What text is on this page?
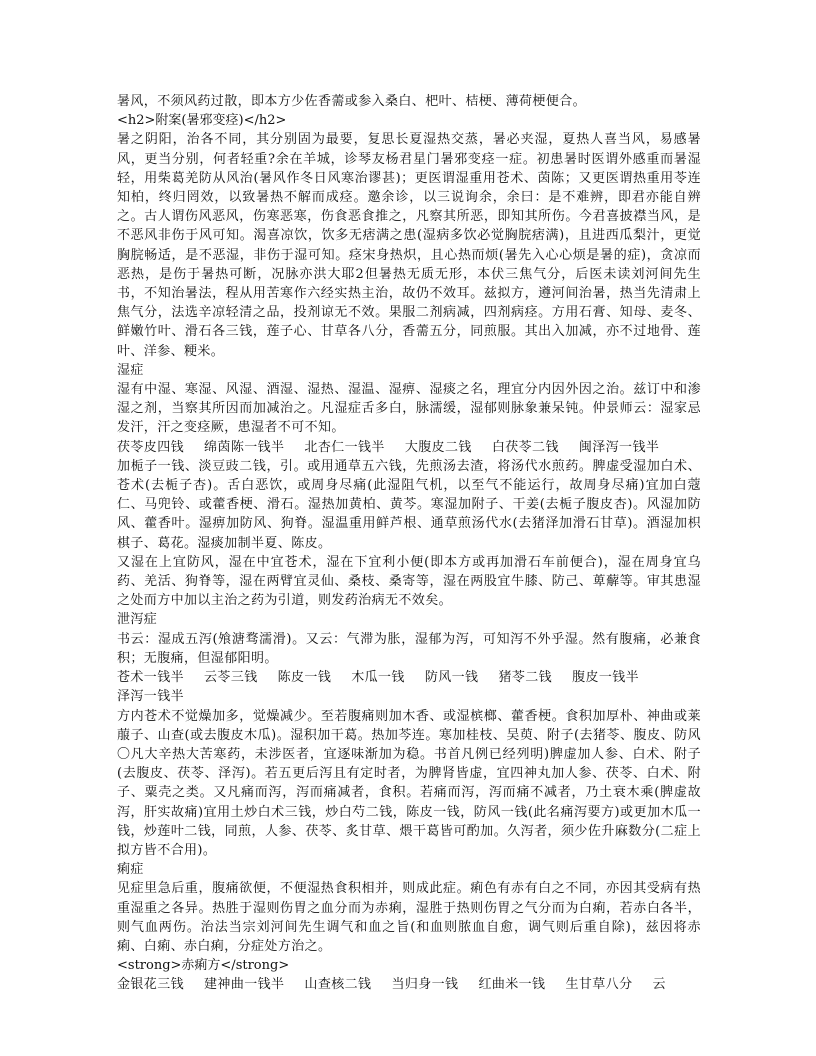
暑风，不须风药过散，即本方少佐香薷或参入桑白、杷叶、桔梗、薄荷梗便合。

<h2>附案(暑邪变痉)</h2>

暑之阴阳，治各不同，其分别固为最要，复思长夏湿热交蒸，暑必夹湿，夏热人喜当风，易感暑风，更当分别，何者轻重?余在羊城，诊琴友杨君星门暑邪变痉一症。初患暑时医谓外感重而暑湿轻，用柴葛羌防从风治(暑风作冬日风寒治谬甚)；更医谓湿重用苍术、茵陈；又更医谓热重用苓连知柏，终归罔效，以致暑热不解而成痉。邀余诊，以三说询余，余曰：是不难辨，即君亦能自辨之。古人谓伤风恶风，伤寒恶寒，伤食恶食推之，凡察其所恶，即知其所伤。今君喜披襟当风，是不恶风非伤于风可知。渴喜凉饮，饮多无痞满之患(湿病多饮必觉胸脘痞满)，且进西瓜梨汁，更觉胸脘畅适，是不恶湿，非伤于湿可知。痉宋身热炽，且心热而烦(暑先入心心烦是暑的症)，贪凉而恶热，是伤于暑热可断，况脉亦洪大耶2但暑热无质无形，本伏三焦气分，后医未读刘河间先生书，不知治暑法，程从用苦寒作六经实热主治，故仍不效耳。兹拟方，遵河间治暑，热当先清肃上焦气分，法选辛凉轻清之品，投剂谅无不效。果服二剂病减，四剂病痉。方用石膏、知母、麦冬、鲜嫩竹叶、滑石各三钱，莲子心、甘草各八分，香薷五分，同煎服。其出入加减，亦不过地骨、莲叶、洋参、粳米。

湿症

湿有中湿、寒湿、风湿、酒湿、湿热、湿温、湿痹、湿痰之名，理宜分内因外因之治。兹订中和渗湿之剂，当察其所因而加减治之。凡湿症舌多白，脉濡缓，湿郁则脉象兼呆钝。仲景师云：湿家忌发汗，汗之变痉厥，患湿者不可不知。

茯苓皮四钱 绵茵陈一钱半 北杏仁一钱半 大腹皮二钱 白茯苓二钱 闽泽泻一钱半

加栀子一钱、淡豆豉二钱，引。或用通草五六钱，先煎汤去渣，将汤代水煎药。脾虚受湿加白术、苍术(去栀子杏)。舌白恶饮，或周身尽痛(此湿阻气机，以至气不能运行，故周身尽痛)宜加白蔻仁、马兜铃、或藿香梗、滑石。湿热加黄柏、黄芩。寒湿加附子、干姜(去栀子腹皮杏)。风湿加防风、藿香叶。湿痹加防风、狗脊。湿温重用鲜芦根、通草煎汤代水(去猪泽加滑石甘草)。酒湿加枳棋子、葛花。湿痰加制半夏、陈皮。

又湿在上宜防风，湿在中宜苍术，湿在下宜利小便(即本方或再加滑石车前便合)，湿在周身宜乌药、羌活、狗脊等，湿在两臂宜灵仙、桑枝、桑寄等，湿在两股宜牛膝、防己、萆薢等。审其患湿之处而方中加以主治之药为引道，则发药治病无不效矣。

泄泻症

书云：湿成五泻(飧溏骛濡滑)。又云：气滞为胀，湿郁为泻，可知泻不外乎湿。然有腹痛，必兼食积；无腹痛，但湿郁阳明。

苍术一钱半 云苓三钱 陈皮一钱 木瓜一钱 防风一钱 猪苓二钱 腹皮一钱半
泽泻一钱半

方内苍术不觉燥加多，觉燥减少。至若腹痛则加木香、或湿槟榔、藿香梗。食积加厚朴、神曲或莱菔子、山查(或去腹皮木瓜)。湿积加干葛。热加芩连。寒加桂枝、吴萸、附子(去猪苓、腹皮、防风〇凡大辛热大苦寒药，未涉医者，宜逐味渐加为稳。书首凡例已经列明)脾虚加人参、白术、附子(去腹皮、茯苓、泽泻)。若五更后泻且有定时者，为脾肾皆虚，宜四神丸加人参、茯苓、白术、附子、粟壳之类。又凡痛而泻，泻而痛减者，食积。若痛而泻，泻而痛不减者，乃土衰木乘(脾虚故泻，肝实故痛)宜用土炒白术三钱，炒白芍二钱，陈皮一钱，防风一钱(此名痛泻要方)或更加木瓜一钱，炒莲叶二钱，同煎，人参、茯苓、炙甘草、煨干葛皆可酌加。久泻者，须少佐升麻数分(二症上拟方皆不合用)。

痢症

见症里急后重，腹痛欲便，不便湿热食积相并，则成此症。痢色有赤有白之不同，亦因其受病有热重湿重之各异。热胜于湿则伤胃之血分而为赤痢，湿胜于热则伤胃之气分而为白痢，若赤白各半，则气血两伤。治法当宗刘河间先生调气和血之旨(和血则脓血自愈，调气则后重自除)，兹因将赤痢、白痢、赤白痢，分症处方治之。

<strong>赤痢方</strong>

金银花三钱 建神曲一钱半 山查核二钱 当归身一钱 红曲米一钱 生甘草八分 云
